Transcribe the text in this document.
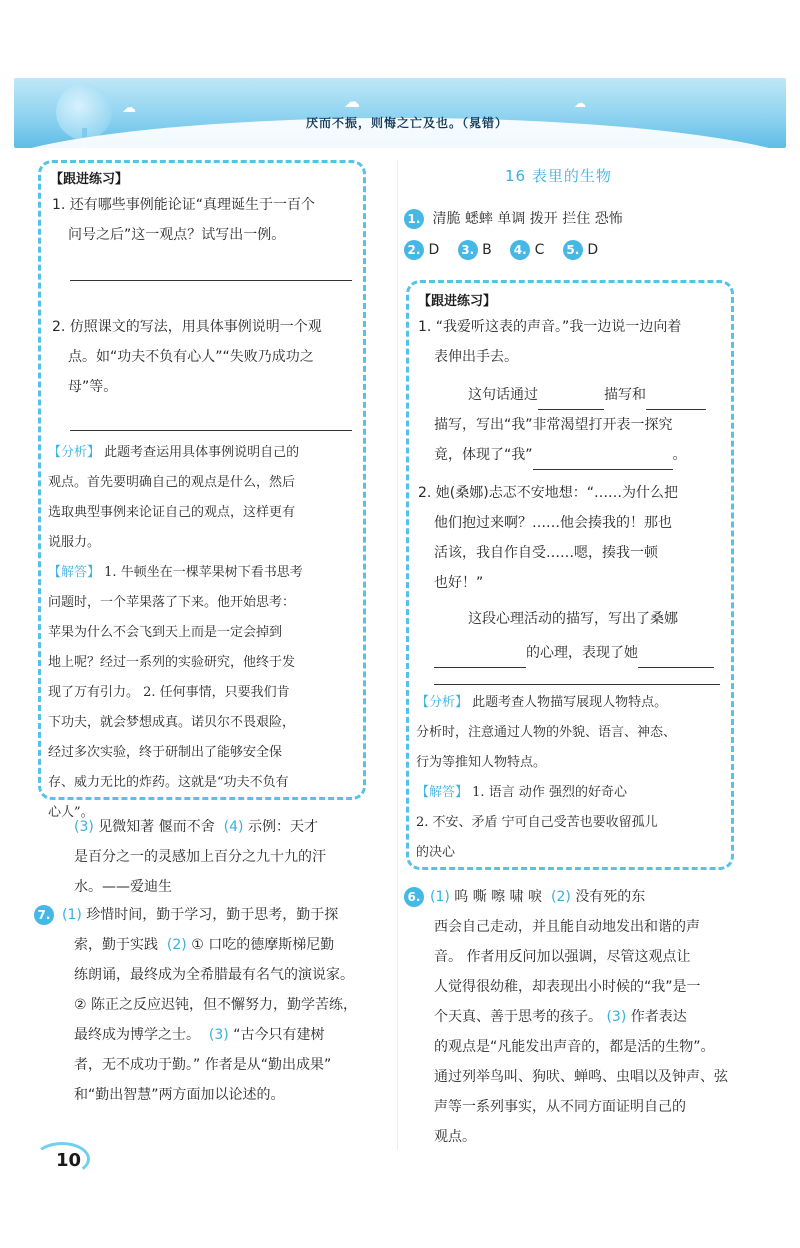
☁	☁	☁
厌而不振，则悔之亡及也。（晁错）
【跟进练习】
1. 还有哪些事例能论证“真理诞生于一百个
问号之后”这一观点？试写出一例。
2. 仿照课文的写法，用具体事例说明一个观
点。如“功夫不负有心人”“失败乃成功之
母”等。
【分析】 此题考查运用具体事例说明自己的
观点。首先要明确自己的观点是什么，然后
选取典型事例来论证自己的观点，这样更有
说服力。
【解答】 1. 牛顿坐在一棵苹果树下看书思考
问题时，一个苹果落了下来。他开始思考：
苹果为什么不会飞到天上而是一定会掉到
地上呢？经过一系列的实验研究，他终于发
现了万有引力。 2. 任何事情，只要我们肯
下功夫，就会梦想成真。诺贝尔不畏艰险，
经过多次实验，终于研制出了能够安全保
存、威力无比的炸药。这就是“功夫不负有
心人”。
(3) 见微知著 偃而不舍 (4) 示例：天才
是百分之一的灵感加上百分之九十九的汗
水。——爱迪生
7. (1) 珍惜时间，勤于学习，勤于思考，勤于探
索，勤于实践 (2) ① 口吃的德摩斯梯尼勤
练朗诵，最终成为全希腊最有名气的演说家。
② 陈正之反应迟钝，但不懈努力，勤学苦练，
最终成为博学之士。 (3) “古今只有建树
者，无不成功于勤。” 作者是从“勤出成果”
和“勤出智慧”两方面加以论述的。
16 表里的生物
1. 清脆 蟋蟀 单调 拨开 拦住 恐怖
2. D 3. B 4. C 5. D
【跟进练习】
1. “我爱听这表的声音。”我一边说一边向着
表伸出手去。
这句话通过	描写和
描写，写出“我”非常渴望打开表一探究
竟，体现了“我”	。
2. 她(桑娜)忐忑不安地想：“……为什么把
他们抱过来啊？……他会揍我的！那也
活该，我自作自受……嗯，揍我一顿
也好！”
这段心理活动的描写，写出了桑娜
的心理，表现了她
【分析】 此题考查人物描写展现人物特点。
分析时，注意通过人物的外貌、语言、神态、
行为等推知人物特点。
【解答】 1. 语言 动作 强烈的好奇心
2. 不安、矛盾 宁可自己受苦也要收留孤儿
的决心
6. (1) 呜 嘶 嚓 啸 唳 (2) 没有死的东
西会自己走动，并且能自动地发出和谐的声
音。 作者用反问加以强调，尽管这观点让
人觉得很幼稚，却表现出小时候的“我”是一
个天真、善于思考的孩子。 (3) 作者表达
的观点是“凡能发出声音的，都是活的生物”。
通过列举鸟叫、狗吠、蝉鸣、虫唱以及钟声、弦
声等一系列事实，从不同方面证明自己的
观点。
10
